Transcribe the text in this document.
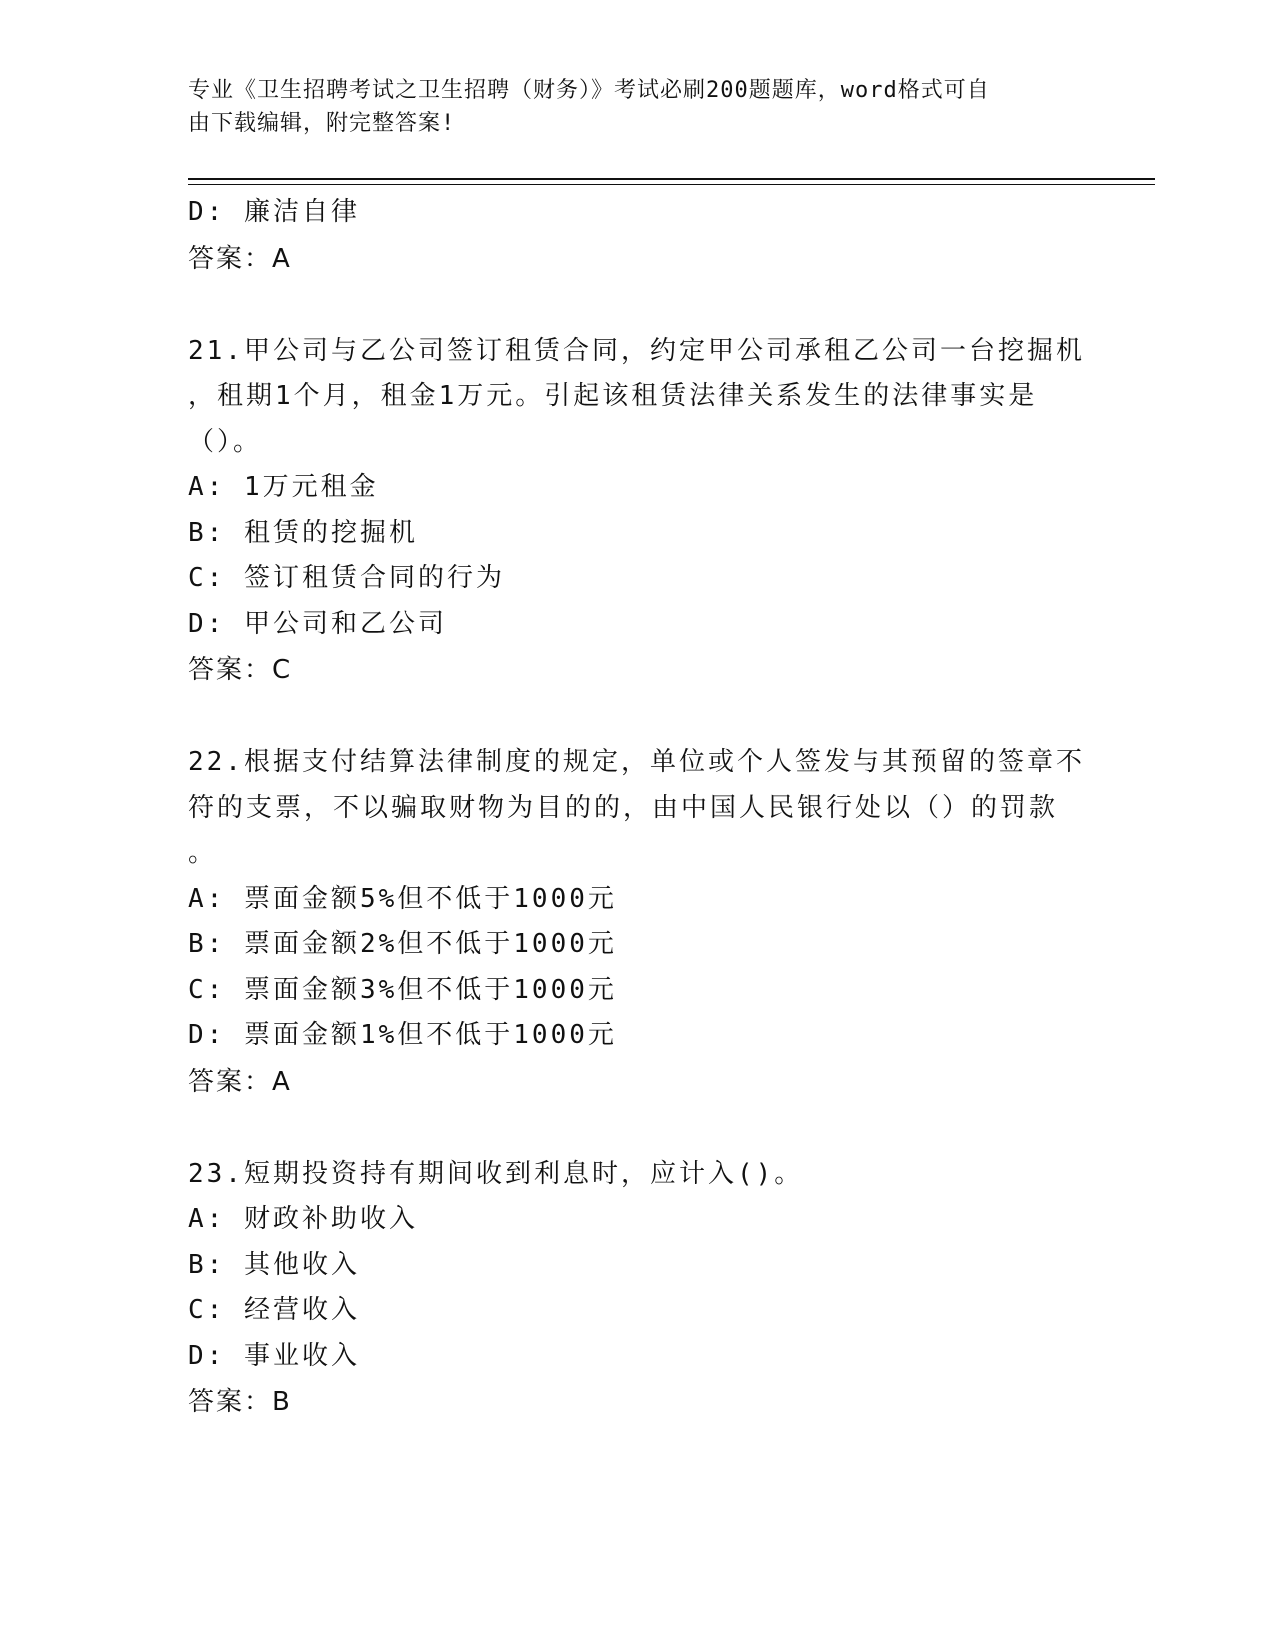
专业《卫生招聘考试之卫生招聘（财务）》考试必刷200题题库，word格式可自
由下载编辑，附完整答案!
D: 廉洁自律
答案：A
21.甲公司与乙公司签订租赁合同，约定甲公司承租乙公司一台挖掘机
，租期1个月，租金1万元。引起该租赁法律关系发生的法律事实是
（）。
A: 1万元租金
B: 租赁的挖掘机
C: 签订租赁合同的行为
D: 甲公司和乙公司
答案：C
22.根据支付结算法律制度的规定，单位或个人签发与其预留的签章不
符的支票，不以骗取财物为目的的，由中国人民银行处以（）的罚款
。
A: 票面金额5%但不低于1000元
B: 票面金额2%但不低于1000元
C: 票面金额3%但不低于1000元
D: 票面金额1%但不低于1000元
答案：A
23.短期投资持有期间收到利息时，应计入()。
A: 财政补助收入
B: 其他收入
C: 经营收入
D: 事业收入
答案：B
